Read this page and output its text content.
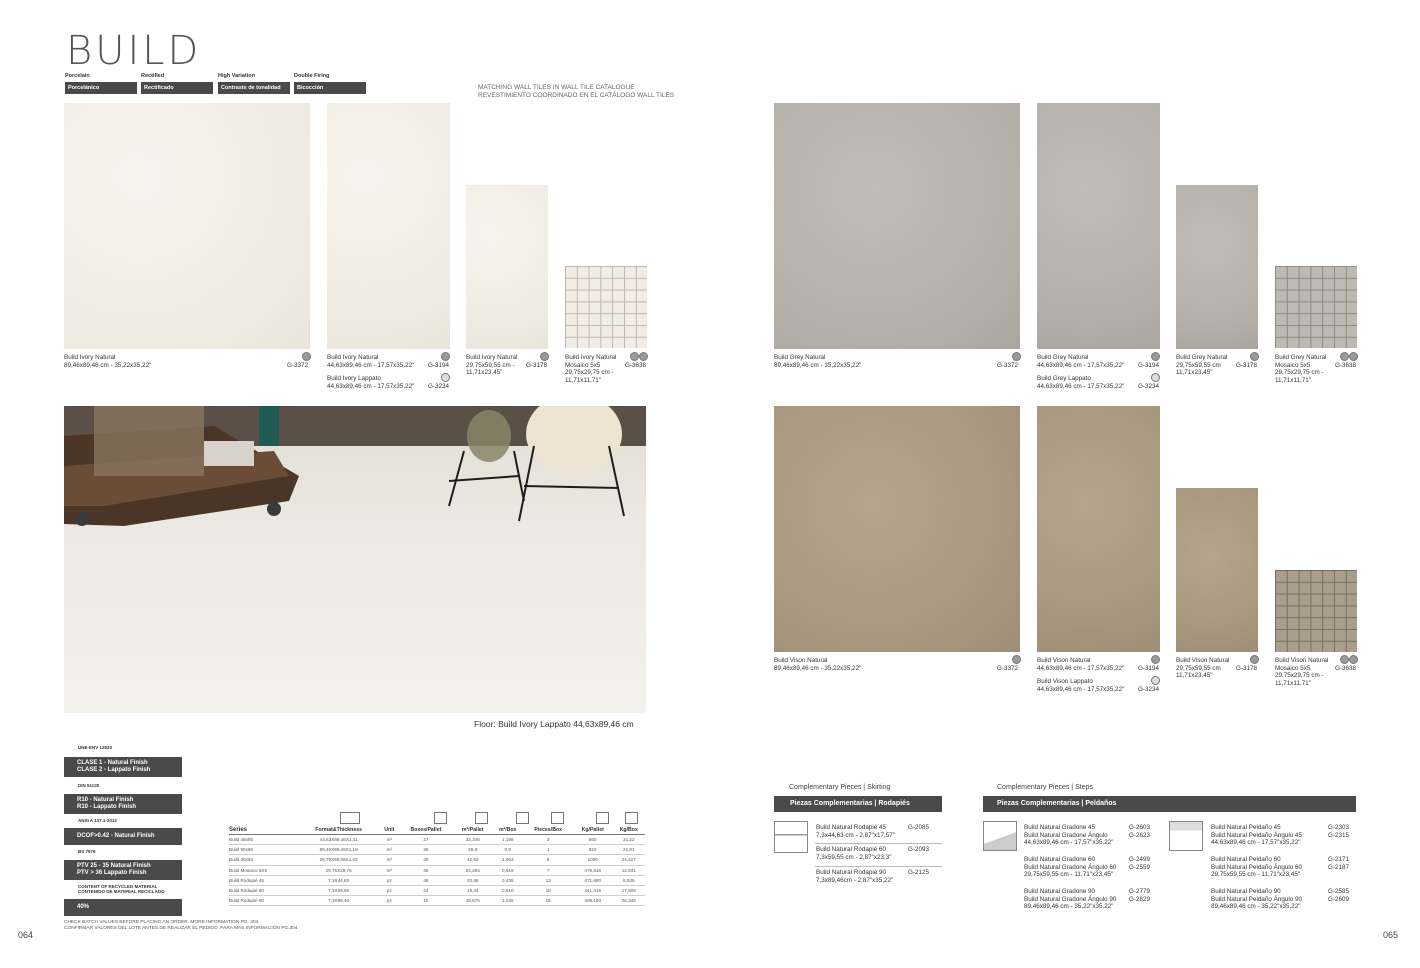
BUILD
Porcelain
Porcelánico
Rectified
Rectificado
High Variation
Contraste de tonalidad
Double Firing
Bicocción	MATCHING WALL TILES IN WALL TILE CATALOGUE
REVESTIMIENTO COORDINADO EN EL CATÁLOGO WALL TILES
Build Ivory Natural
89,46x89,46 cm - 35,22x35,22"	G-3372
Build Ivory Natural
44,63x89,46 cm - 17,57x35,22" G-3194
Build Ivory Lappato
44,63x89,46 cm - 17,57x35,22" G-3234
Build Ivory Natural
29,75x59,55 cm -
11,71x23,45"
G-3178
Build Ivory Natural
Mosaico 5x5
29,75x29,75 cm -
11,71x11,71"
G-3638
Floor: Build Ivory Lappato 44,63x89,46 cm
UNE-ENV 12633
CLASE 1 - Natural Finish
CLASE 2 - Lappato Finish
DIN 51130
R10 - Natural Finish
R10 - Lappato Finish
ANSI A 137.1-2012
DCOF>0.42 - Natural Finish
BS 7976
PTV 25 - 35 Natural Finish
PTV > 36 Lappato Finish
CONTENT OF RECYCLED MATERIAL
CONTENIDO DE MATERIAL RECICLADO
40%
Series	Format&Thickness	Unit	Boxes/Pallet	m²/Pallet	m²/Box	Pieces/Box	Kg/Pallet	Kg/Box
Build 45x90	44,63X89,46X1,11	m²	27	32,346	1,198	3	860	31,22
Build 90x90	89,46X89,46X1,19	m²	36	28,8	0,8	1	822	21,91
Build 30x60	29,75X59,55X1,03	m²	40	42,62	1,063	6	1000	24,427
Build Mosaico 5X5	29,75X29,75	m²	36	22,284	0,619	7	479,516	12,931
Build Rodapié 45	7,3X44,63	pz	48	20,88	0,435	13	471,680	8,535
Build Rodapié 60	7,3X59,55	pz	24	19,44	0,810	18	441,416	17,809
Build Rodapié 90	7,3X89,46	pz	15	15,675	1,045	16	409,190	26,346
CHECK BATCH VALUES BEFORE PLACING AN ORDER. MORE INFORMATION PG. 304
CONFIRMAR VALORES DEL LOTE ANTES DE REALIZAR EL PEDIDO. PARA MÁS INFORMACIÓN PG.304
064	065
Build Grey Natural
89,46x89,46 cm - 35,22x35,22"	G-3372
Build Grey Natural
44,63x89,46 cm - 17,57x35,22" G-3194
Build Grey Lappato
44,63x89,46 cm - 17,57x35,22" G-3234
Build Grey Natural
29,75x59,55 cm
11,71x23,45"
G-3178
Build Grey Natural
Mosaico 5x5
29,75x29,75 cm -
11,71x11,71"
G-3638
Build Vison Natural
89,46x89,46 cm - 35,22x35,22"	G-3372
Build Vison Natural
44,63x89,46 cm - 17,57x35,22" G-3194
Build Vison Lappato
44,63x89,46 cm - 17,57x35,22" G-3234
Build Vison Natural
29,75x59,55 cm
11,71x23,45"
G-3178
Build Vison Natural
Mosaico 5x5
29,75x29,75 cm -
11,71x11,71"
G-3638
Complementary Pieces | Skirting
Piezas Complementarias | Rodapiés
Build Natural Rodapié 45
7,3x44,63 cm - 2,87"x17,57"
G-2085
Build Natural Rodapié 60
7,3x59,55 cm - 2,87"x23,3"
G-2093
Build Natural Rodapié 90
7,3x89,46cm - 2,87"x35,22"
G-2125
Complementary Pieces | Steps
Piezas Complementarias | Peldaños
Build Natural Gradone 45
Build Natural Gradone Ángulo
44,63x89,46 cm - 17,57"x35,22"
G-2603
G-2623
Build Natural Gradone 60
Build Natural Gradone Ángulo 60
29,75x59,55 cm - 11,71"x23,45"
G-2499
G-2559
Build Natural Gradone 90
Build Natural Gradone Ángulo 90
89,46x89,46 cm - 35,22"x35,22"
G-2779
G-2829
Build Natural Peldaño 45
Build Natural Peldaño Ángulo 45
44,63x89,46 cm - 17,57"x35,22"
G-2303
G-2315
Build Natural Peldaño 60
Build Natural Peldaño Ángulo 60
29,75x59,55 cm - 11,71"x23,45"
G-2171
G-2187
Build Natural Peldaño 90
Build Natural Peldaño Ángulo 90
89,46x89,46 cm - 35,22"x35,22"
G-2585
G-2609
